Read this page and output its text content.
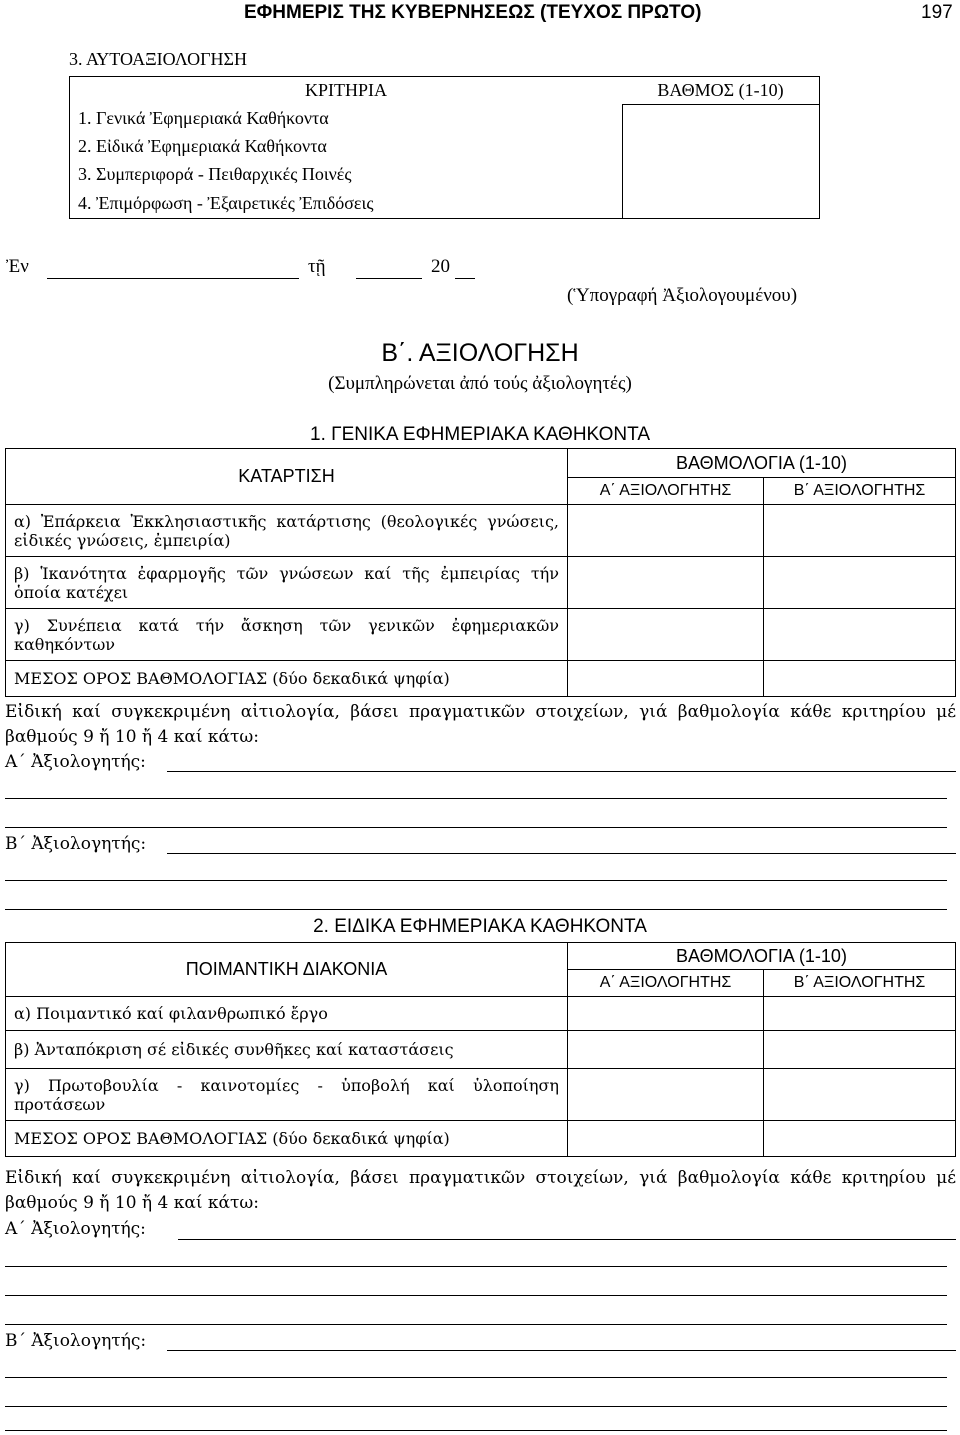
ΕΦΗΜΕΡΙΣ ΤΗΣ ΚΥΒΕΡΝΗΣΕΩΣ (ΤΕΥΧΟΣ ΠΡΩΤΟ)	197
3. ΑΥΤΟΑΞΙΟΛΟΓΗΣΗ
ΚΡΙΤΗΡΙΑ	ΒΑΘΜΟΣ (1-10)
1. Γενικά Ἐφημεριακά Καθήκοντα	
2. Εἰδικά Ἐφημεριακά Καθήκοντα	
3. Συμπεριφορά - Πειθαρχικές Ποινές	
4. Ἐπιμόρφωση - Ἐξαιρετικές Ἐπιδόσεις	
Ἐν	τῇ	20
(Ὑπογραφή Ἀξιολογουμένου)
Β΄. ΑΞΙΟΛΟΓΗΣΗ
(Συμπληρώνεται ἀπό τούς ἀξιολογητές)
1. ΓΕΝΙΚΑ ΕΦΗΜΕΡΙΑΚΑ ΚΑΘΗΚΟΝΤΑ
ΚΑΤΑΡΤΙΣΗ	ΒΑΘΜΟΛΟΓΙΑ (1-10)	
	Α΄ ΑΞΙΟΛΟΓΗΤΗΣ	Β΄ ΑΞΙΟΛΟΓΗΤΗΣ
α) Ἐπάρκεια Ἐκκλησιαστικῆς κατάρτισης (θεολογικές γνώσεις, εἰδικές γνώσεις, ἐμπειρία)		
β) Ἱκανότητα ἐφαρμογῆς τῶν γνώσεων καί τῆς ἐμπειρίας τήν ὁποία κατέχει		
γ) Συνέπεια κατά τήν ἄσκηση τῶν γενικῶν ἐφημεριακῶν καθηκόντων		
ΜΕΣΟΣ ΟΡΟΣ ΒΑΘΜΟΛΟΓΙΑΣ (δύο δεκαδικά ψηφία)		
Εἰδική καί συγκεκριμένη αἰτιολογία, βάσει πραγματικῶν στοιχείων, γιά βαθμολογία κάθε κριτηρίου μέ βαθμούς 9 ἤ 10 ἤ 4 καί κάτω:
Α΄ Ἀξιολογητής:
Β΄ Ἀξιολογητής:
2. ΕΙΔΙΚΑ ΕΦΗΜΕΡΙΑΚΑ ΚΑΘΗΚΟΝΤΑ
ΠΟΙΜΑΝΤΙΚΗ ΔΙΑΚΟΝΙΑ	ΒΑΘΜΟΛΟΓΙΑ (1-10)	
	Α΄ ΑΞΙΟΛΟΓΗΤΗΣ	Β΄ ΑΞΙΟΛΟΓΗΤΗΣ
α) Ποιμαντικό καί φιλανθρωπικό ἔργο		
β) Ἀνταπόκριση σέ εἰδικές συνθῆκες καί καταστάσεις		
γ) Πρωτοβουλία - καινοτομίες - ὑποβολή καί ὑλοποίηση προτάσεων		
ΜΕΣΟΣ ΟΡΟΣ ΒΑΘΜΟΛΟΓΙΑΣ (δύο δεκαδικά ψηφία)		
Εἰδική καί συγκεκριμένη αἰτιολογία, βάσει πραγματικῶν στοιχείων, γιά βαθμολογία κάθε κριτηρίου μέ βαθμούς 9 ἤ 10 ἤ 4 καί κάτω:
Α΄ Ἀξιολογητής:
Β΄ Ἀξιολογητής:
